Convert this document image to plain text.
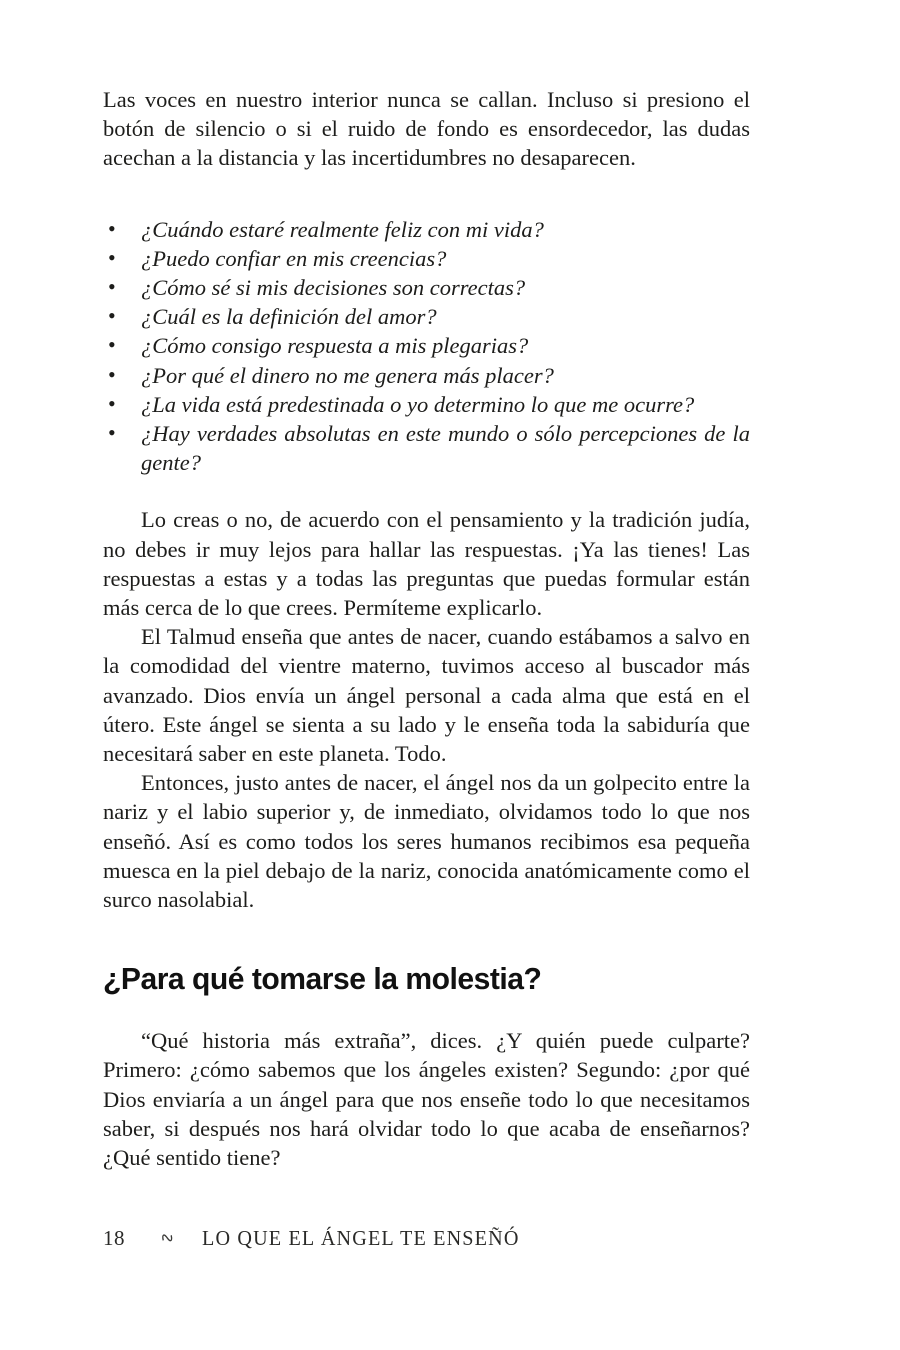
Las voces en nuestro interior nunca se callan. Incluso si presiono el botón de silencio o si el ruido de fondo es ensordecedor, las dudas acechan a la distancia y las incertidumbres no desaparecen.

• ¿Cuándo estaré realmente feliz con mi vida?
• ¿Puedo confiar en mis creencias?
• ¿Cómo sé si mis decisiones son correctas?
• ¿Cuál es la definición del amor?
• ¿Cómo consigo respuesta a mis plegarias?
• ¿Por qué el dinero no me genera más placer?
• ¿La vida está predestinada o yo determino lo que me ocurre?
• ¿Hay verdades absolutas en este mundo o sólo percepciones de la gente?

Lo creas o no, de acuerdo con el pensamiento y la tradición judía, no debes ir muy lejos para hallar las respuestas. ¡Ya las tienes! Las respuestas a estas y a todas las preguntas que puedas formular están más cerca de lo que crees. Permíteme explicarlo.

El Talmud enseña que antes de nacer, cuando estábamos a salvo en la comodidad del vientre materno, tuvimos acceso al buscador más avanzado. Dios envía un ángel personal a cada alma que está en el útero. Este ángel se sienta a su lado y le enseña toda la sabiduría que necesitará saber en este planeta. Todo.

Entonces, justo antes de nacer, el ángel nos da un golpecito entre la nariz y el labio superior y, de inmediato, olvidamos todo lo que nos enseñó. Así es como todos los seres humanos recibimos esa pequeña muesca en la piel debajo de la nariz, conocida anatómicamente como el surco nasolabial.

¿Para qué tomarse la molestia?

“Qué historia más extraña”, dices. ¿Y quién puede culparte? Primero: ¿cómo sabemos que los ángeles existen? Segundo: ¿por qué Dios enviaría a un ángel para que nos enseñe todo lo que necesitamos saber, si después nos hará olvidar todo lo que acaba de enseñarnos? ¿Qué sentido tiene?

18 ∿ LO QUE EL ÁNGEL TE ENSEÑÓ
